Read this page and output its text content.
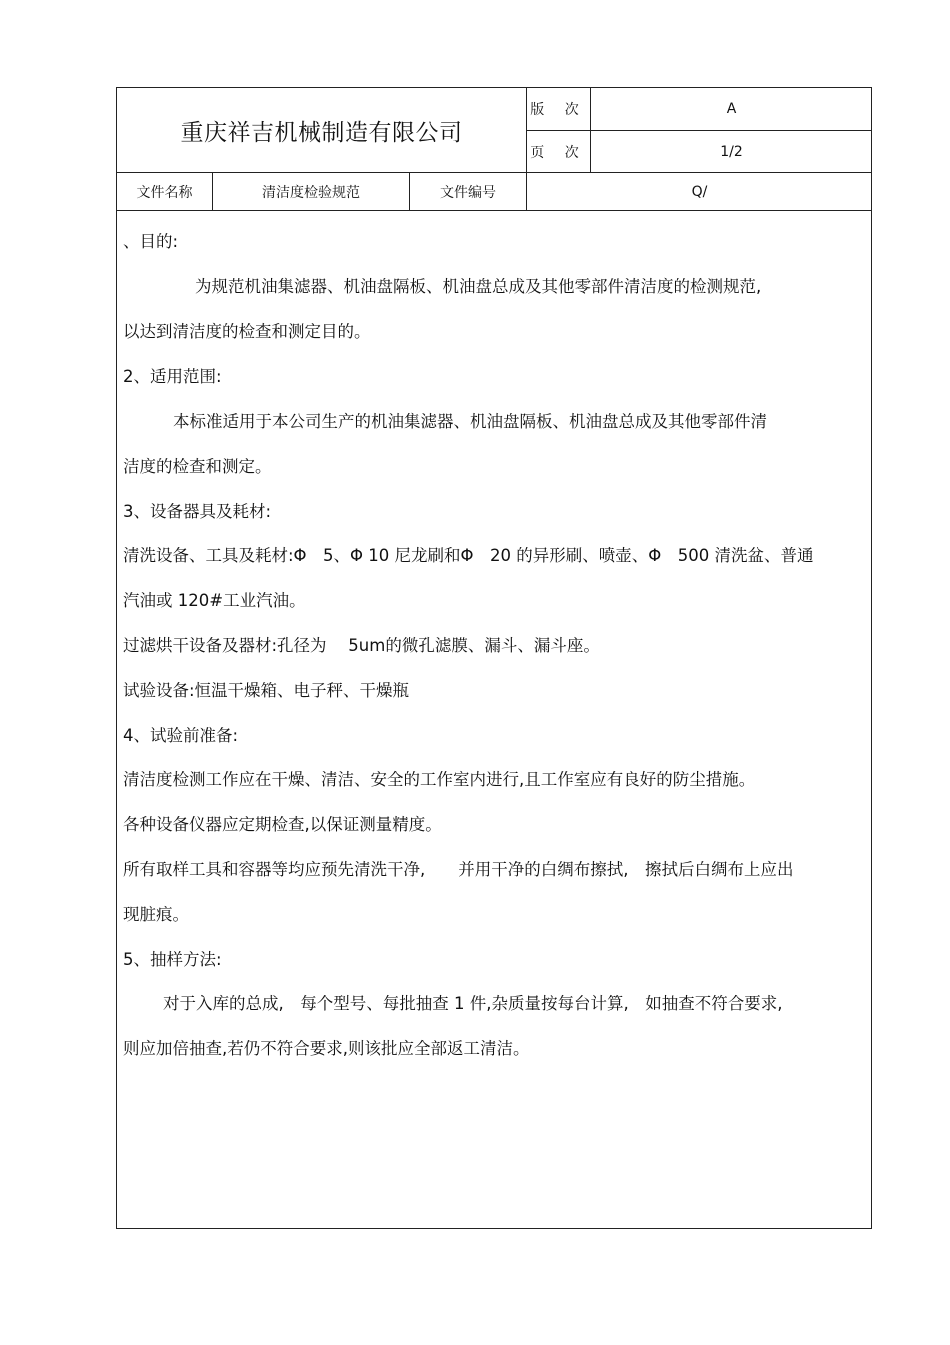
重庆祥吉机械制造有限公司
版 次	A
页 次	1/2
文件名称	清洁度检验规范	文件编号	Q/
、目的:
为规范机油集滤器、机油盘隔板、机油盘总成及其他零部件清洁度的检测规范,
以达到清洁度的检查和测定目的。
2、适用范围:
本标准适用于本公司生产的机油集滤器、机油盘隔板、机油盘总成及其他零部件清
洁度的检查和测定。
3、设备器具及耗材:
清洗设备、工具及耗材:Φ　5、Φ 10 尼龙刷和Φ　20 的异形刷、喷壶、Φ　500 清洗盆、普通
汽油或 120#工业汽油。
过滤烘干设备及器材:孔径为　 5um的微孔滤膜、漏斗、漏斗座。
试验设备:恒温干燥箱、电子秤、干燥瓶
4、试验前准备:
清洁度检测工作应在干燥、清洁、安全的工作室内进行,且工作室应有良好的防尘措施。
各种设备仪器应定期检查,以保证测量精度。
所有取样工具和容器等均应预先清洗干净,　　并用干净的白绸布擦拭,　擦拭后白绸布上应出
现脏痕。
5、抽样方法:
对于入库的总成,　每个型号、每批抽查 1 件,杂质量按每台计算,　如抽查不符合要求,
则应加倍抽查,若仍不符合要求,则该批应全部返工清洁。
